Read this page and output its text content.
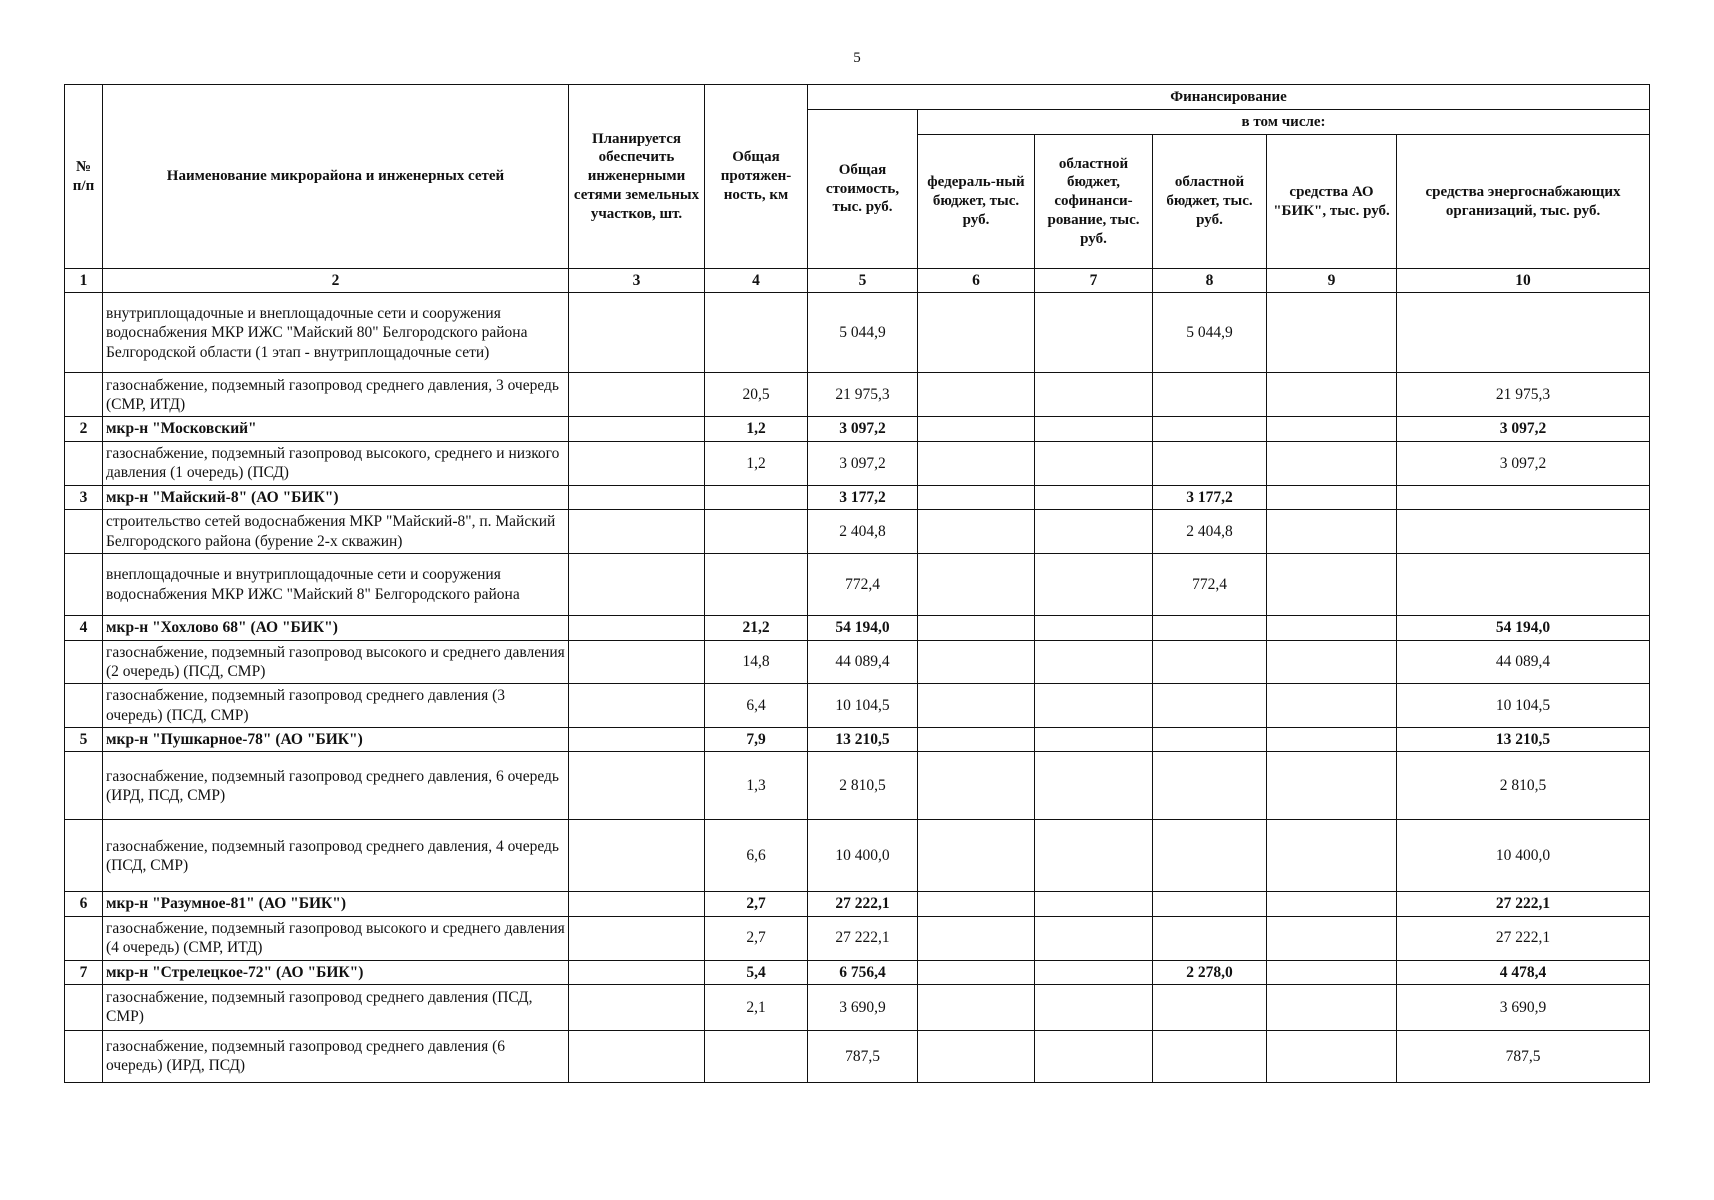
5
№ п/п	Наименование микрорайона и инженерных сетей	Планируется обеспечить инженерными сетями земельных участков, шт.	Общая протяжен-ность, км	Финансирование					
				Общая стоимость, тыс. руб.	в том числе:				
					федераль-ный бюджет, тыс. руб.	областной бюджет, софинанси-рование, тыс. руб.	областной бюджет, тыс. руб.	средства АО "БИК", тыс. руб.	средства энергоснабжающих организаций, тыс. руб.
1	2	3	4	5	6	7	8	9	10
	внутриплощадочные и внеплощадочные сети и сооружения водоснабжения МКР ИЖС "Майский 80" Белгородского района Белгородской области (1 этап - внутриплощадочные сети)			5 044,9			5 044,9		
	газоснабжение, подземный газопровод среднего давления, 3 очередь (СМР, ИТД)		20,5	21 975,3					21 975,3
2	мкр-н "Московский"		1,2	3 097,2					3 097,2
	газоснабжение, подземный газопровод высокого, среднего и низкого давления (1 очередь) (ПСД)		1,2	3 097,2					3 097,2
3	мкр-н "Майский-8" (АО "БИК")			3 177,2			3 177,2		
	строительство сетей водоснабжения МКР "Майский-8", п. Майский Белгородского района (бурение 2-х скважин)			2 404,8			2 404,8		
	внеплощадочные и внутриплощадочные сети и сооружения водоснабжения МКР ИЖС "Майский 8" Белгородского района			772,4			772,4		
4	мкр-н "Хохлово 68" (АО "БИК")		21,2	54 194,0					54 194,0
	газоснабжение, подземный газопровод высокого и среднего давления (2 очередь) (ПСД, СМР)		14,8	44 089,4					44 089,4
	газоснабжение, подземный газопровод среднего давления (3 очередь) (ПСД, СМР)		6,4	10 104,5					10 104,5
5	мкр-н "Пушкарное-78" (АО "БИК")		7,9	13 210,5					13 210,5
	газоснабжение, подземный газопровод среднего давления, 6 очередь (ИРД, ПСД, СМР)		1,3	2 810,5					2 810,5
	газоснабжение, подземный газопровод среднего давления, 4 очередь (ПСД, СМР)		6,6	10 400,0					10 400,0
6	мкр-н "Разумное-81" (АО "БИК")		2,7	27 222,1					27 222,1
	газоснабжение, подземный газопровод высокого и среднего давления (4 очередь) (СМР, ИТД)		2,7	27 222,1					27 222,1
7	мкр-н "Стрелецкое-72" (АО "БИК")		5,4	6 756,4			2 278,0		4 478,4
	газоснабжение, подземный газопровод среднего давления (ПСД, СМР)		2,1	3 690,9					3 690,9
	газоснабжение, подземный газопровод среднего давления (6 очередь) (ИРД, ПСД)			787,5					787,5
